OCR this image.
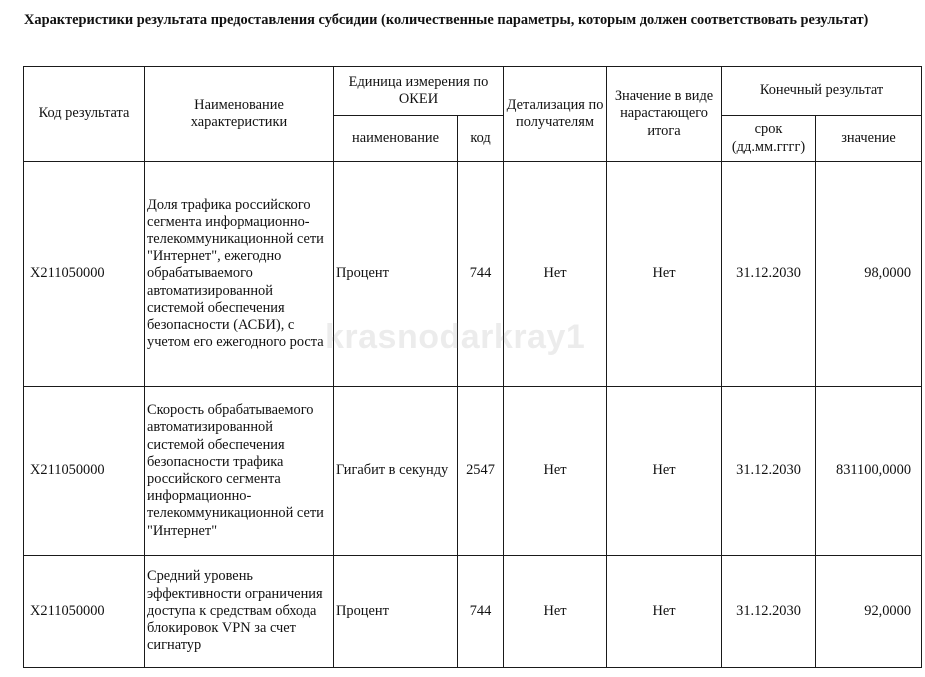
Характеристики результата предоставления субсидии (количественные параметры, которым должен соответствовать результат)
Код результата	Наименование характеристики	Единица измерения по ОКЕИ		Детализация по получателям	Значение в виде нарастающего итога	Конечный результат	
		наименование	код			срок (дд.мм.гггг)	значение
X211050000	Доля трафика российского сегмента информационно-телекоммуникационной сети "Интернет", ежегодно обрабатываемого автоматизированной системой обеспечения безопасности (АСБИ), с учетом его ежегодного роста	Процент	744	Нет	Нет	31.12.2030	98,0000
X211050000	Скорость обрабатываемого автоматизированной системой обеспечения безопасности трафика российского сегмента информационно-телекоммуникационной сети "Интернет"	Гигабит в секунду	2547	Нет	Нет	31.12.2030	831100,0000
X211050000	Средний уровень эффективности ограничения доступа к средствам обхода блокировок VPN за счет сигнатур	Процент	744	Нет	Нет	31.12.2030	92,0000
krasnodarkray1
